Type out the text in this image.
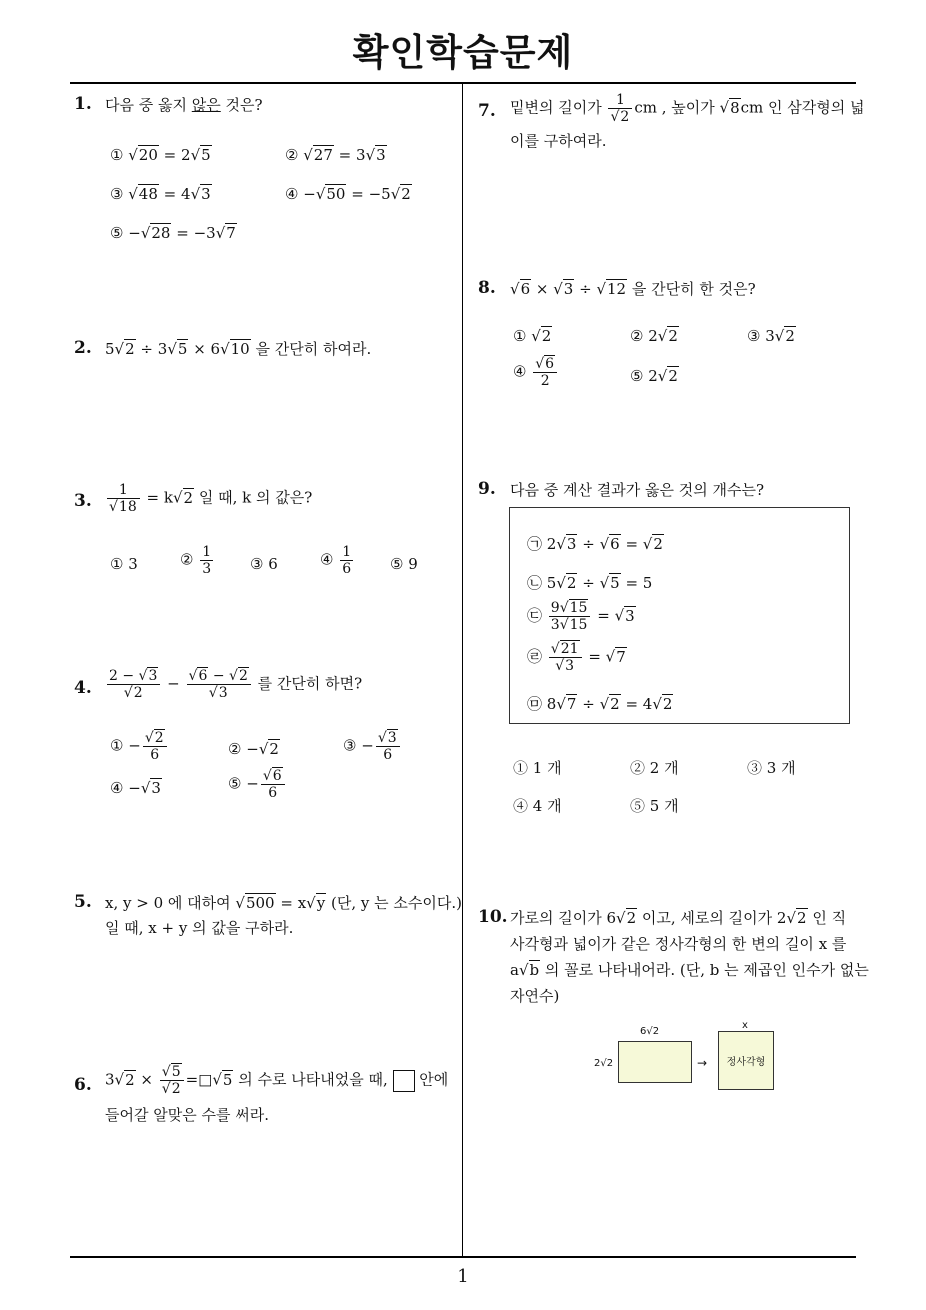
확인학습문제
1
1. 다음 중 옳지 않은 것은?
① √20 = 2√5	② √27 = 3√3
③ √48 = 4√3	④ −√50 = −5√2
⑤ −√28 = −3√7
2. 5√2 ÷ 3√5 × 6√10 을 간단히 하여라.
3. $\frac{1}{√18} = k√2$ 일 때, k 의 값은?
① 3	② $\frac{1}{3}$ ③ 6	④ $\frac{1}{6}$ ⑤ 9
4. $\frac{2 - √3}{√2} - \frac{√6 - √2}{√3}$ 를 간단히 하면?
① − $\frac{√2}{6}$	② −√2	③ − $\frac{√3}{6}$
④ −√3	⑤ − $\frac{√6}{6}$
5. x, y > 0 에 대하여 √500 = x√y (단, y 는 소수이다.)
일 때, x + y 의 값을 구하라.
6. $3√2 \times \frac{√5}{√2}$ =□√5 의 수로 나타내었을 때,  안에
들어갈 알맞은 수를 써라.
7. 밑변의 길이가 $\frac{1}{√2}$ cm , 높이가 √8cm 인 삼각형의 넓
이를 구하여라.
8. √6 × √3 ÷ √12 을 간단히 한 것은?
① √2	② 2√2	③ 3√2
④ $\frac{√6}{2}$	⑤ 2√2
9. 다음 중 계산 결과가 옳은 것의 개수는?
㉠ 2√3 ÷ √6 = √2
㉡ 5√2 ÷ √5 = 5
㉢ $\frac{9√15}{3√15} = √3$
㉣ $\frac{√21}{√3} = √7$
㉤ 8√7 ÷ √2 = 4√2
① 1 개	② 2 개	③ 3 개
④ 4 개	⑤ 5 개
10. 가로의 길이가 6√2 이고, 세로의 길이가 2√2 인 직
사각형과 넓이가 같은 정사각형의 한 변의 길이 x 를
a√b 의 꼴로 나타내어라. (단, b 는 제곱인 인수가 없는
자연수)
6√2
2√2	→
x
정사각형
